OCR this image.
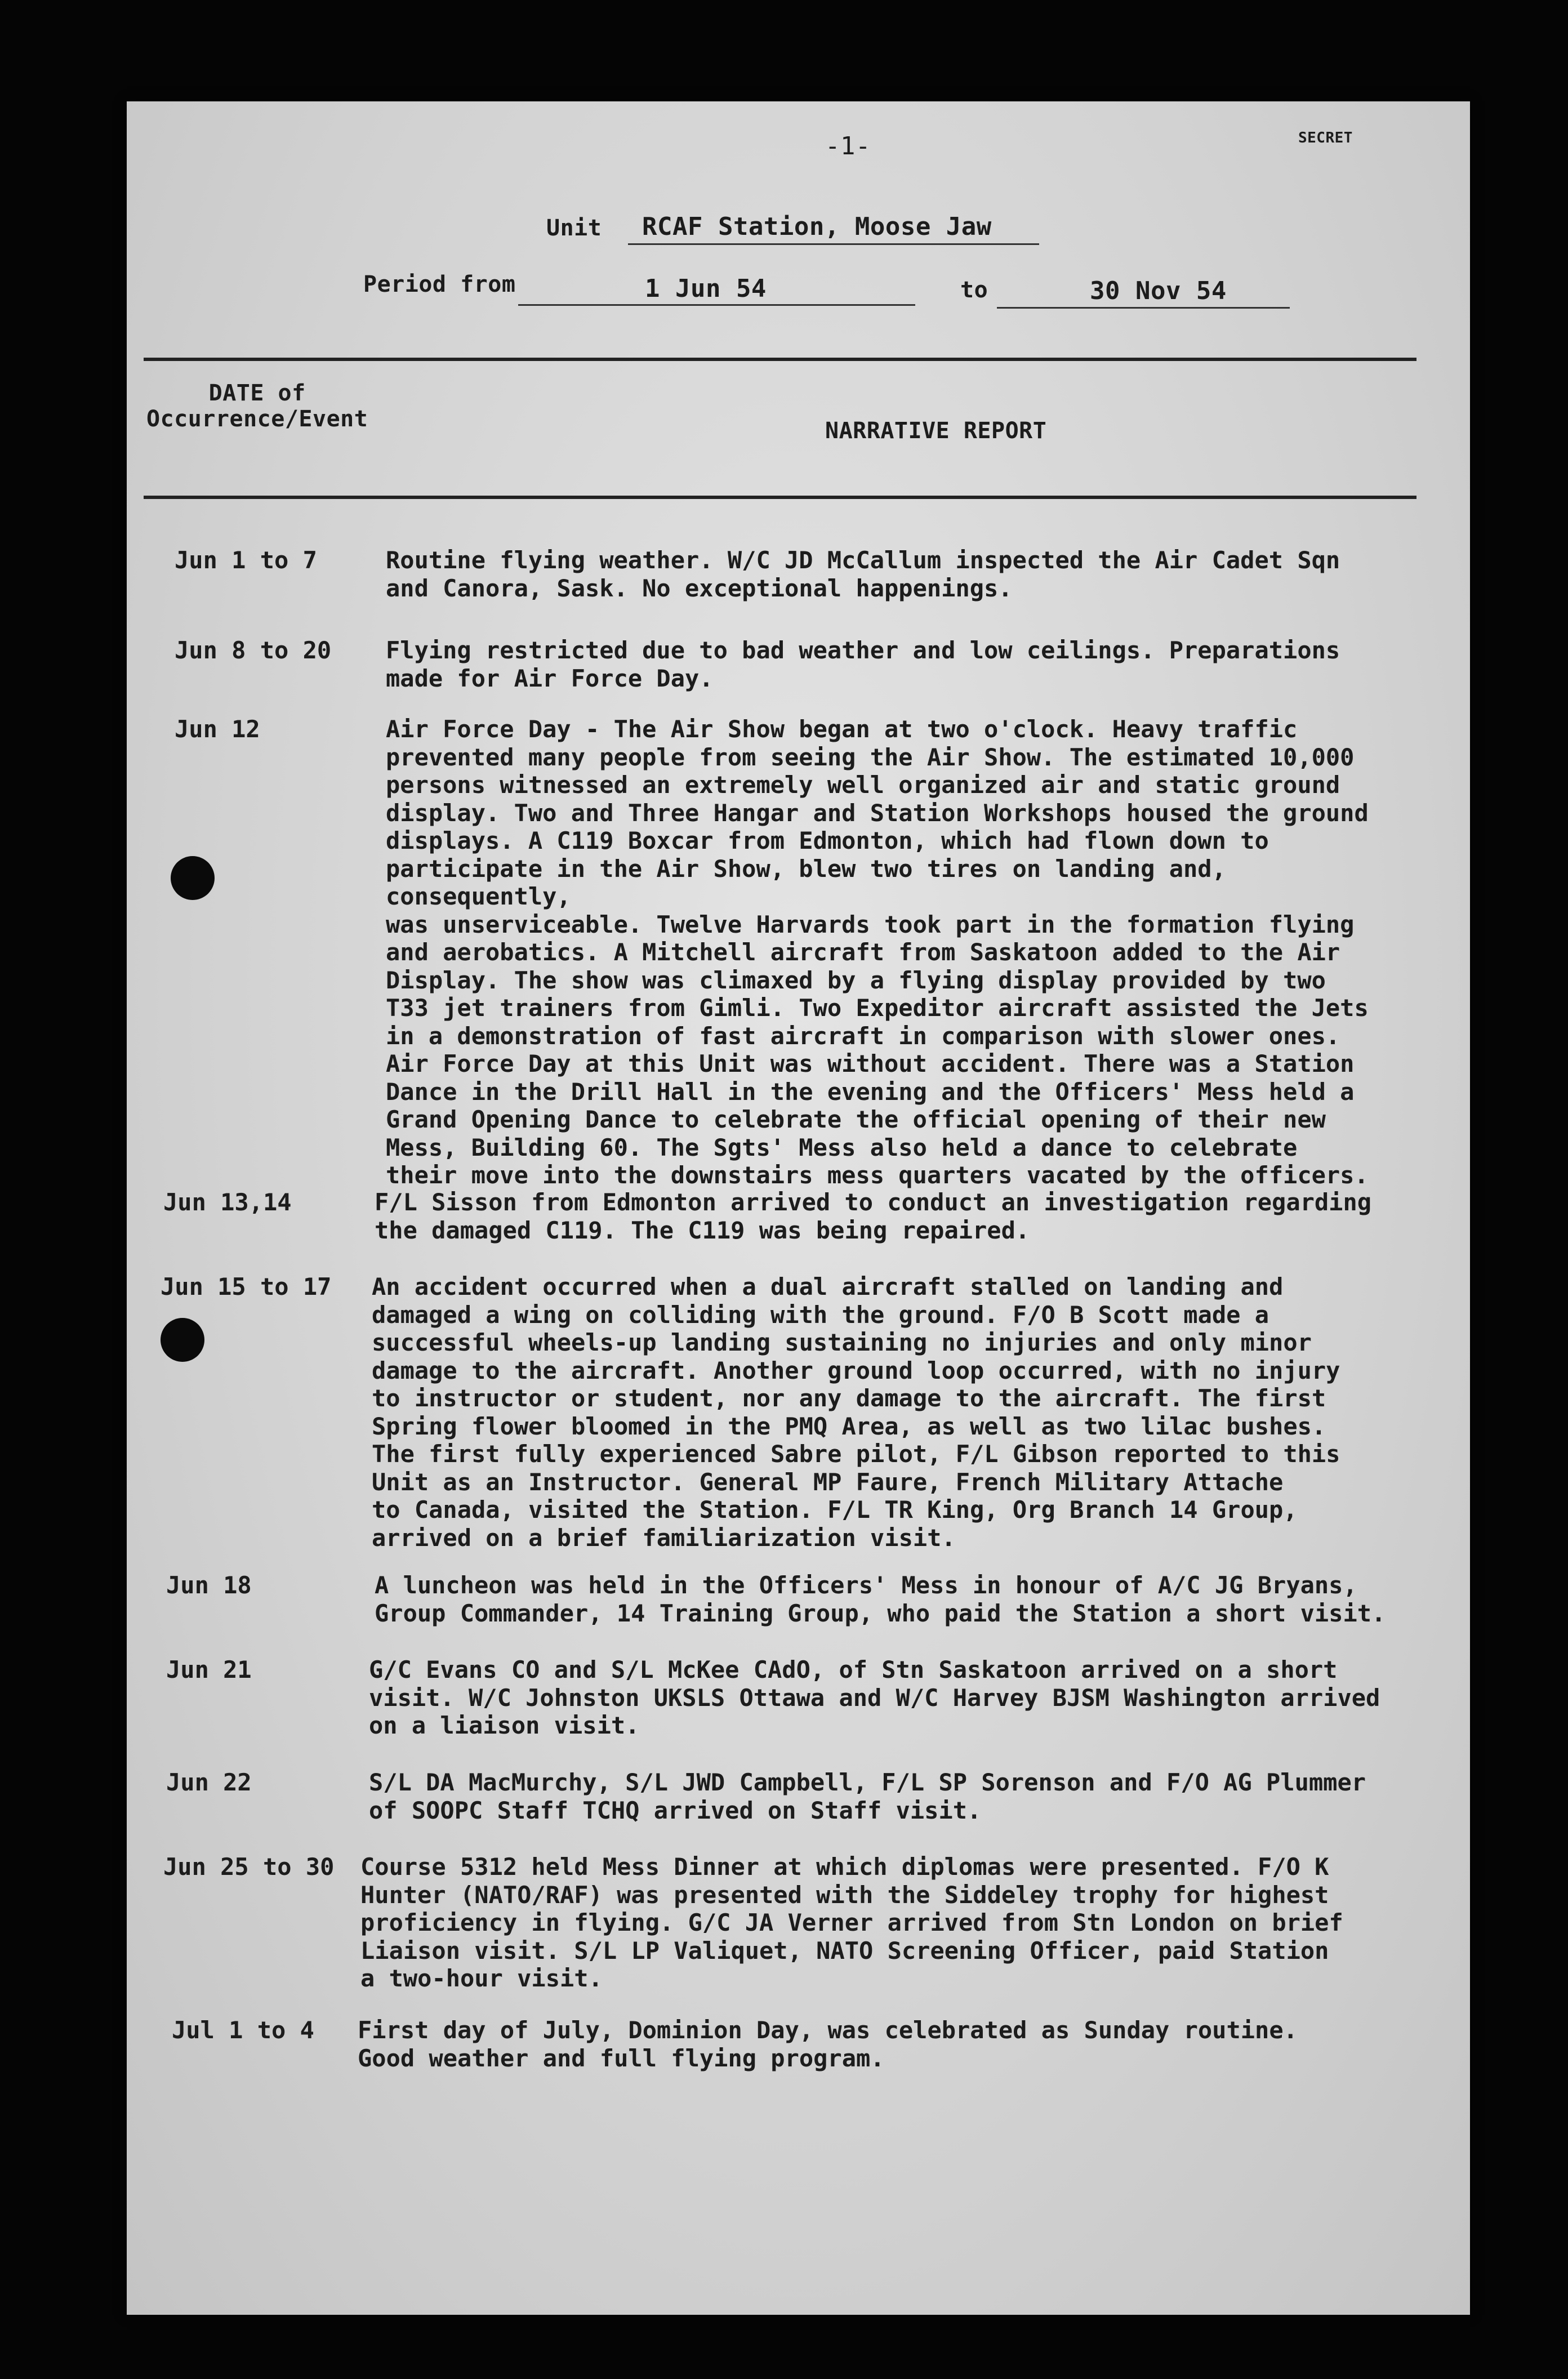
-1-	SECRET
Unit RCAF Station, Moose Jaw
Period from	1 Jun 54	to	30 Nov 54
DATE of
Occurrence/Event	NARRATIVE REPORT
Jun 1 to 7	Routine flying weather. W/C JD McCallum inspected the Air Cadet Sqn
and Canora, Sask. No exceptional happenings.
Jun 8 to 20 Flying restricted due to bad weather and low ceilings. Preparations
made for Air Force Day.
Jun 12	Air Force Day - The Air Show began at two o'clock. Heavy traffic
prevented many people from seeing the Air Show. The estimated 10,000
persons witnessed an extremely well organized air and static ground
display. Two and Three Hangar and Station Workshops housed the ground
displays. A C119 Boxcar from Edmonton, which had flown down to
participate in the Air Show, blew two tires on landing and, consequently,
was unserviceable. Twelve Harvards took part in the formation flying
and aerobatics. A Mitchell aircraft from Saskatoon added to the Air
Display. The show was climaxed by a flying display provided by two
T33 jet trainers from Gimli. Two Expeditor aircraft assisted the Jets
in a demonstration of fast aircraft in comparison with slower ones.
Air Force Day at this Unit was without accident. There was a Station
Dance in the Drill Hall in the evening and the Officers' Mess held a
Grand Opening Dance to celebrate the official opening of their new
Mess, Building 60. The Sgts' Mess also held a dance to celebrate
their move into the downstairs mess quarters vacated by the officers.
Jun 13,14	F/L Sisson from Edmonton arrived to conduct an investigation regarding
the damaged C119. The C119 was being repaired.
Jun 15 to 17 An accident occurred when a dual aircraft stalled on landing and
damaged a wing on colliding with the ground. F/O B Scott made a
successful wheels-up landing sustaining no injuries and only minor
damage to the aircraft. Another ground loop occurred, with no injury
to instructor or student, nor any damage to the aircraft. The first
Spring flower bloomed in the PMQ Area, as well as two lilac bushes.
The first fully experienced Sabre pilot, F/L Gibson reported to this
Unit as an Instructor. General MP Faure, French Military Attache
to Canada, visited the Station. F/L TR King, Org Branch 14 Group,
arrived on a brief familiarization visit.
Jun 18	A luncheon was held in the Officers' Mess in honour of A/C JG Bryans,
Group Commander, 14 Training Group, who paid the Station a short visit.
Jun 21	G/C Evans CO and S/L McKee CAdO, of Stn Saskatoon arrived on a short
visit. W/C Johnston UKSLS Ottawa and W/C Harvey BJSM Washington arrived
on a liaison visit.
Jun 22	S/L DA MacMurchy, S/L JWD Campbell, F/L SP Sorenson and F/O AG Plummer
of SOOPC Staff TCHQ arrived on Staff visit.
Jun 25 to 30 Course 5312 held Mess Dinner at which diplomas were presented. F/O K
Hunter (NATO/RAF) was presented with the Siddeley trophy for highest
proficiency in flying. G/C JA Verner arrived from Stn London on brief
Liaison visit. S/L LP Valiquet, NATO Screening Officer, paid Station
a two-hour visit.
Jul 1 to 4 First day of July, Dominion Day, was celebrated as Sunday routine.
Good weather and full flying program.
